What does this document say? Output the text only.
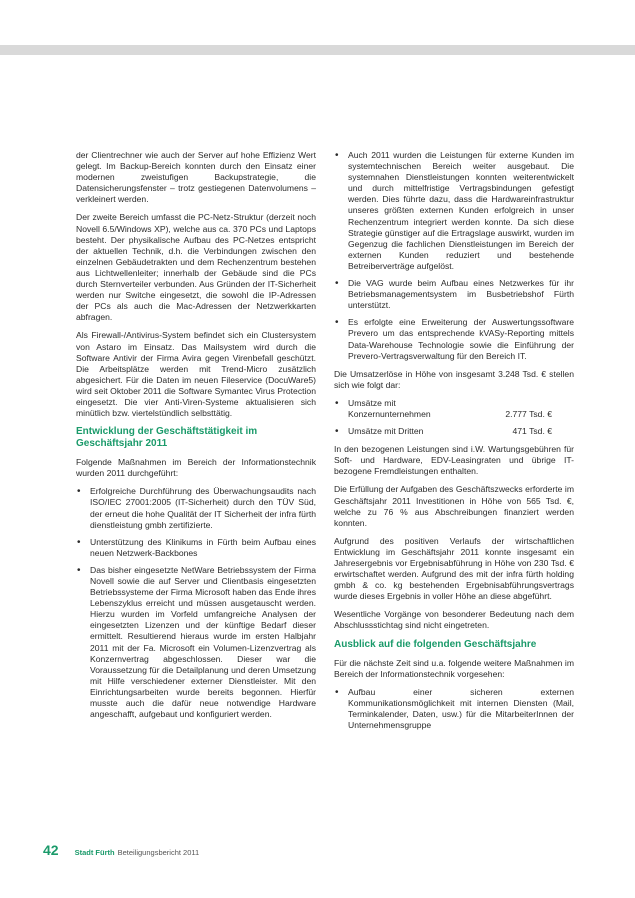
der Clientrechner wie auch der Server auf hohe Effizienz Wert gelegt. Im Backup-Bereich konnten durch den Einsatz einer modernen zweistufigen Backupstrategie, die Datensicherungsfenster – trotz gestiegenen Datenvolumens – verkleinert werden.

Der zweite Bereich umfasst die PC-Netz-Struktur (derzeit noch Novell 6.5/Windows XP), welche aus ca. 370 PCs und Laptops besteht. Der physikalische Aufbau des PC-Netzes entspricht der aktuellen Technik, d.h. die Verbindungen zwischen den einzelnen Gebäudetrakten und dem Rechenzentrum bestehen aus Lichtwellenleiter; innerhalb der Gebäude sind die PCs durch Sternverteiler verbunden. Aus Gründen der IT-Sicherheit werden nur Switche eingesetzt, die sowohl die IP-Adressen der PCs als auch die Mac-Adressen der Netzwerkkarten abfragen.

Als Firewall-/Antivirus-System befindet sich ein Clustersystem von Astaro im Einsatz. Das Mailsystem wird durch die Software Antivir der Firma Avira gegen Virenbefall geschützt. Die Arbeitsplätze werden mit Trend-Micro zusätzlich abgesichert. Für die Daten im neuen Fileservice (DocuWare5) wird seit Oktober 2011 die Software Symantec Virus Protection eingesetzt. Die vier Anti-Viren-Systeme aktualisieren sich minütlich bzw. viertelstündlich selbsttätig.

Entwicklung der Geschäftstätigkeit im Geschäftsjahr 2011

Folgende Maßnahmen im Bereich der Informationstechnik wurden 2011 durchgeführt:

• Erfolgreiche Durchführung des Überwachungsaudits nach ISO/IEC 27001:2005 (IT-Sicherheit) durch den TÜV Süd, der erneut die hohe Qualität der IT Sicherheit der infra fürth dienstleistung gmbh zertifizierte.
• Unterstützung des Klinikums in Fürth beim Aufbau eines neuen Netzwerk-Backbones
• Das bisher eingesetzte NetWare Betriebssystem der Firma Novell sowie die auf Server und Clientbasis eingesetzten Betriebssysteme der Firma Microsoft haben das Ende ihres Lebenszyklus erreicht und müssen ausgetauscht werden. Hierzu wurden im Vorfeld umfangreiche Analysen der eingesetzten Lizenzen und der künftige Bedarf dieser ermittelt. Resultierend hieraus wurde im ersten Halbjahr 2011 mit der Fa. Microsoft ein Volumen-Lizenzvertrag als Konzernvertrag abgeschlossen. Dieser war die Voraussetzung für die Detailplanung und deren Umsetzung mit Hilfe verschiedener externer Dienstleister. Mit den Einrichtungsarbeiten wurde bereits begonnen. Hierfür musste auch die dafür neue notwendige Hardware angeschafft, aufgebaut und konfiguriert werden.
• Auch 2011 wurden die Leistungen für externe Kunden im systemtechnischen Bereich weiter ausgebaut. Die systemnahen Dienstleistungen konnten weiterentwickelt und durch mittelfristige Vertragsbindungen gefestigt werden. Dies führte dazu, dass die Hardwareinfrastruktur unseres größten externen Kunden erfolgreich in unser Rechenzentrum integriert werden konnte. Da sich diese Strategie günstiger auf die Ertragslage auswirkt, wurden im Gegenzug die fachlichen Dienstleistungen im Bereich der externen Kunden reduziert und bestehende Betreiberverträge aufgelöst.
• Die VAG wurde beim Aufbau eines Netzwerkes für ihr Betriebsmanagementsystem im Busbetriebshof Fürth unterstützt.
• Es erfolgte eine Erweiterung der Auswertungssoftware Prevero um das entsprechende kVASy-Reporting mittels Data-Warehouse Technologie sowie die Einführung der Prevero-Vertragsverwaltung für den Bereich IT.

Die Umsatzerlöse in Höhe von insgesamt 3.248 Tsd. € stellen sich wie folgt dar:

• Umsätze mit Konzernunternehmen	2.777 Tsd. €
• Umsätze mit Dritten	471 Tsd. €

In den bezogenen Leistungen sind i.W. Wartungsgebühren für Soft- und Hardware, EDV-Leasingraten und übrige IT-bezogene Fremdleistungen enthalten.

Die Erfüllung der Aufgaben des Geschäftszwecks erforderte im Geschäftsjahr 2011 Investitionen in Höhe von 565 Tsd. €, welche zu 76 % aus Abschreibungen finanziert werden konnten.

Aufgrund des positiven Verlaufs der wirtschaftlichen Entwicklung im Geschäftsjahr 2011 konnte insgesamt ein Jahresergebnis vor Ergebnisabführung in Höhe von 230 Tsd. € erwirtschaftet werden. Aufgrund des mit der infra fürth holding gmbh & co. kg bestehenden Ergebnisabführungsvertrags wurde dieses Ergebnis in voller Höhe an diese abgeführt.

Wesentliche Vorgänge von besonderer Bedeutung nach dem Abschlussstichtag sind nicht eingetreten.

Ausblick auf die folgenden Geschäftsjahre

Für die nächste Zeit sind u.a. folgende weitere Maßnahmen im Bereich der Informationstechnik vorgesehen:

• Aufbau einer sicheren externen Kommunikationsmöglichkeit mit internen Diensten (Mail, Terminkalender, Daten, usw.) für die MitarbeiterInnen der Unternehmensgruppe
42 Stadt Fürth Beteiligungsbericht 2011
